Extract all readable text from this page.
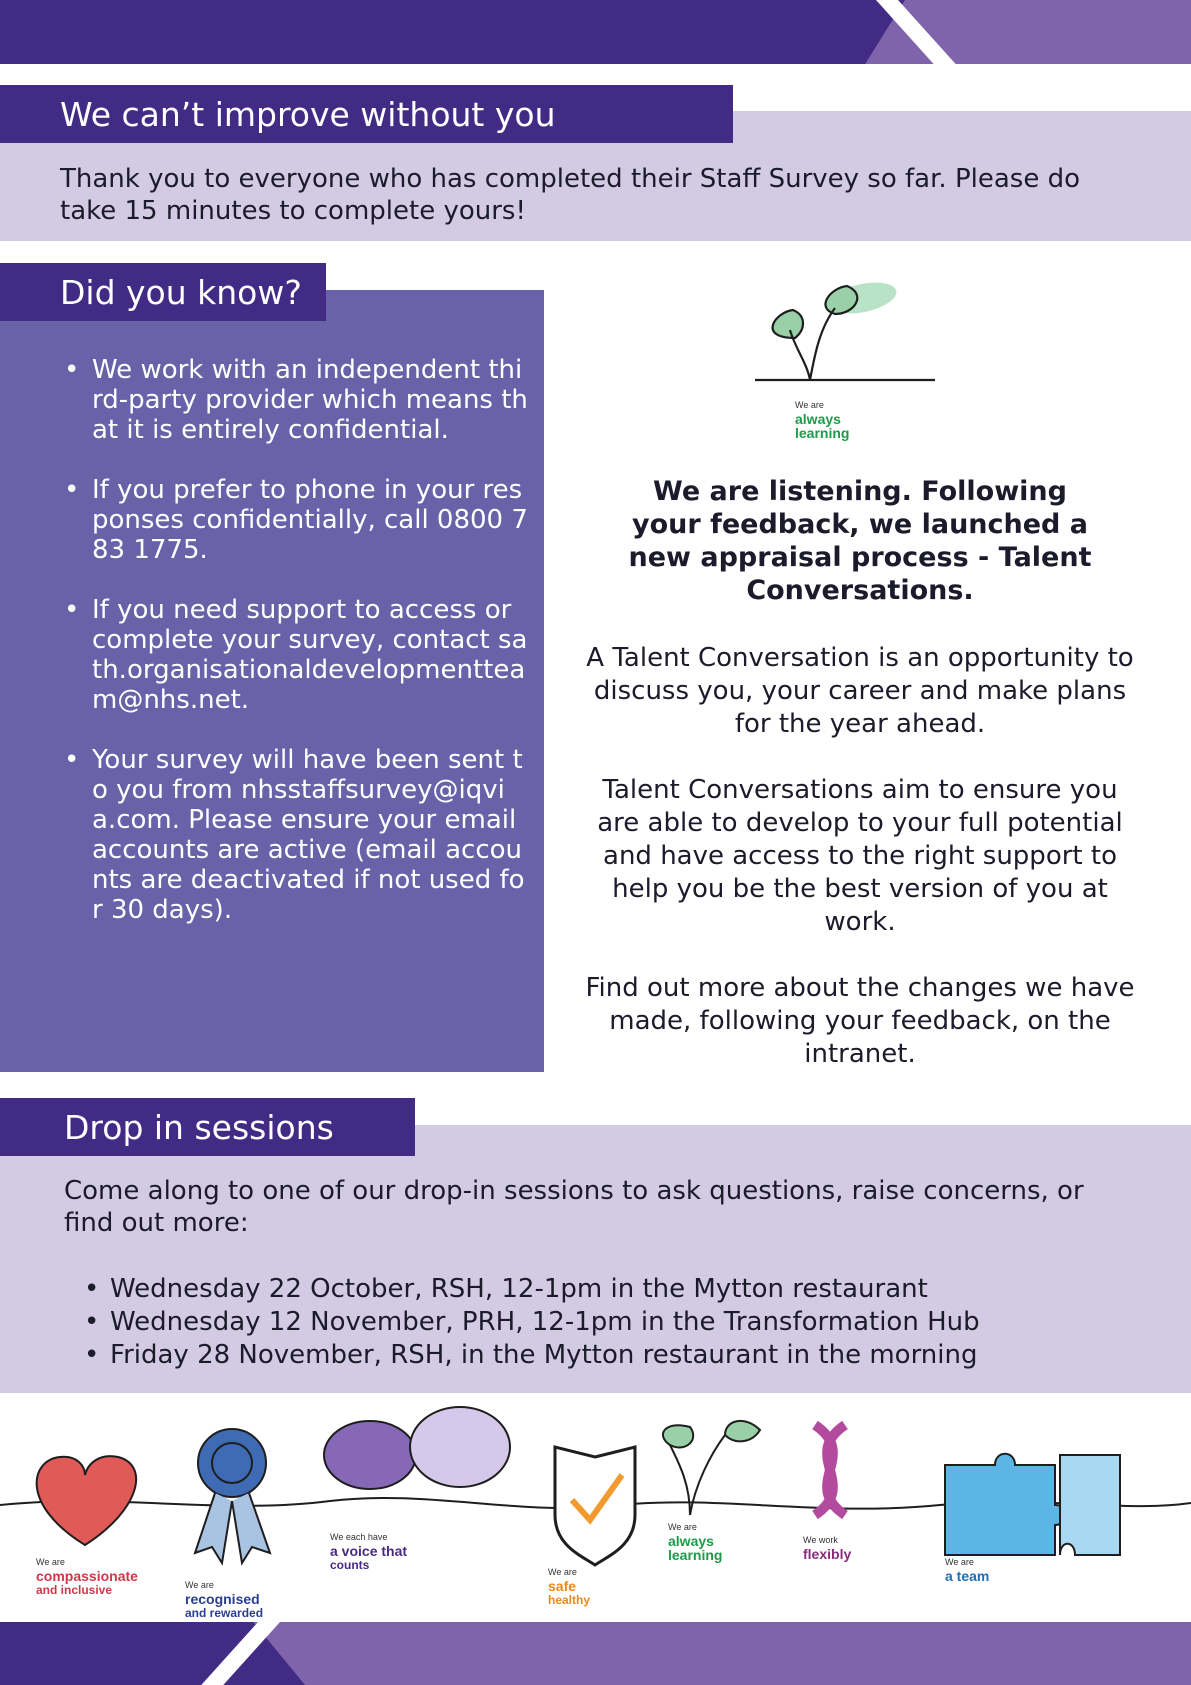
We can’t improve without you
Thank you to everyone who has completed their Staff Survey so far. Please do take 15 minutes to complete yours!
Did you know?
• We work with an independent third-party provider which means that it is entirely confidential.
• If you prefer to phone in your responses confidentially, call 0800 783 1775.
• If you need support to access or complete your survey, contact sath.organisationaldevelopmentteam@nhs.net.
• Your survey will have been sent to you from nhsstaffsurvey@iqvia.com. Please ensure your email accounts are active (email accounts are deactivated if not used for 30 days).
We are
always learning
We are listening. Following your feedback, we launched a new appraisal process - Talent Conversations.
A Talent Conversation is an opportunity to discuss you, your career and make plans for the year ahead.
Talent Conversations aim to ensure you are able to develop to your full potential and have access to the right support to help you be the best version of you at work.
Find out more about the changes we have made, following your feedback, on the intranet.
Drop in sessions
Come along to one of our drop-in sessions to ask questions, raise concerns, or find out more:
• Wednesday 22 October, RSH, 12-1pm in the Mytton restaurant
• Wednesday 12 November, PRH, 12-1pm in the Transformation Hub
• Friday 28 November, RSH, in the Mytton restaurant in the morning
We are
compassionate
and inclusive	We are
recognised
and rewarded
We each have
a voice that
counts	We are
safe
healthy
We are
always
learning
We work
flexibly	We are
a team
